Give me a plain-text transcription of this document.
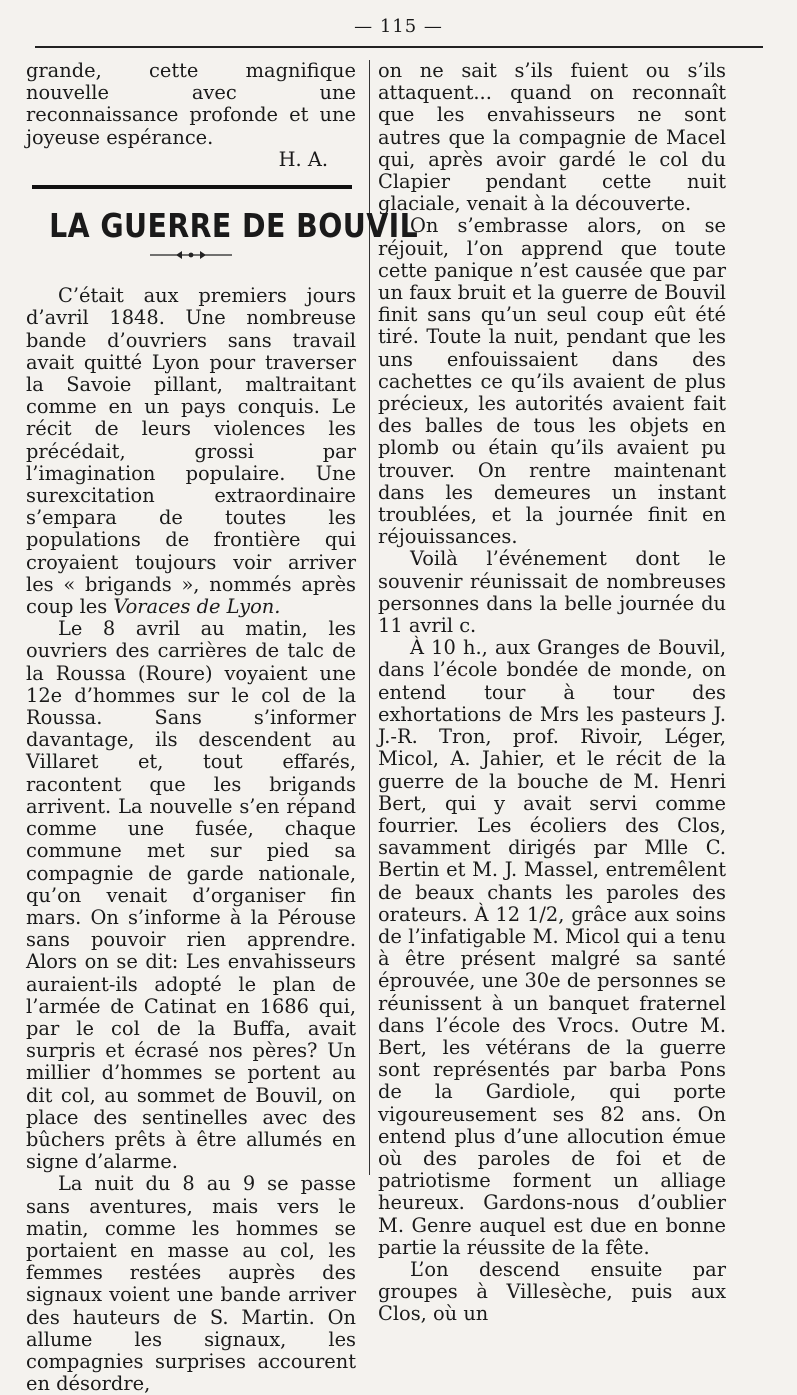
— 115 —

grande, cette magnifique nouvelle avec une reconnaissance profonde et une joyeuse espérance.

H. A.

LA GUERRE DE BOUVIL

C’était aux premiers jours d’avril 1848. Une nombreuse bande d’ouvriers sans travail avait quitté Lyon pour traverser la Savoie pillant, maltraitant comme en un pays conquis. Le récit de leurs violences les précédait, grossi par l’imagination populaire. Une surexcitation extraordinaire s’empara de toutes les populations de frontière qui croyaient toujours voir arriver les « brigands », nommés après coup les Voraces de Lyon.

Le 8 avril au matin, les ouvriers des carrières de talc de la Roussa (Roure) voyaient une 12e d’hommes sur le col de la Roussa. Sans s’informer davantage, ils descendent au Villaret et, tout effarés, racontent que les brigands arrivent. La nouvelle s’en répand comme une fusée, chaque commune met sur pied sa compagnie de garde nationale, qu’on venait d’organiser fin mars. On s’informe à la Pérouse sans pouvoir rien apprendre. Alors on se dit: Les envahisseurs auraient-ils adopté le plan de l’armée de Catinat en 1686 qui, par le col de la Buffa, avait surpris et écrasé nos pères? Un millier d’hommes se portent au dit col, au sommet de Bouvil, on place des sentinelles avec des bûchers prêts à être allumés en signe d’alarme.

La nuit du 8 au 9 se passe sans aventures, mais vers le matin, comme les hommes se portaient en masse au col, les femmes restées auprès des signaux voient une bande arriver des hauteurs de S. Martin. On allume les signaux, les compagnies surprises accourent en désordre,

on ne sait s’ils fuient ou s’ils attaquent... quand on reconnaît que les envahisseurs ne sont autres que la compagnie de Macel qui, après avoir gardé le col du Clapier pendant cette nuit glaciale, venait à la découverte.

On s’embrasse alors, on se réjouit, l’on apprend que toute cette panique n’est causée que par un faux bruit et la guerre de Bouvil finit sans qu’un seul coup eût été tiré. Toute la nuit, pendant que les uns enfouissaient dans des cachettes ce qu’ils avaient de plus précieux, les autorités avaient fait des balles de tous les objets en plomb ou étain qu’ils avaient pu trouver. On rentre maintenant dans les demeures un instant troublées, et la journée finit en réjouissances.

Voilà l’événement dont le souvenir réunissait de nombreuses personnes dans la belle journée du 11 avril c.

À 10 h., aux Granges de Bouvil, dans l’école bondée de monde, on entend tour à tour des exhortations de Mrs les pasteurs J. J.-R. Tron, prof. Rivoir, Léger, Micol, A. Jahier, et le récit de la guerre de la bouche de M. Henri Bert, qui y avait servi comme fourrier. Les écoliers des Clos, savamment dirigés par Mlle C. Bertin et M. J. Massel, entremêlent de beaux chants les paroles des orateurs. À 12 1/2, grâce aux soins de l’infatigable M. Micol qui a tenu à être présent malgré sa santé éprouvée, une 30e de personnes se réunissent à un banquet fraternel dans l’école des Vrocs. Outre M. Bert, les vétérans de la guerre sont représentés par barba Pons de la Gardiole, qui porte vigoureusement ses 82 ans. On entend plus d’une allocution émue où des paroles de foi et de patriotisme forment un alliage heureux. Gardons-nous d’oublier M. Genre auquel est due en bonne partie la réussite de la fête.

L’on descend ensuite par groupes à Villesèche, puis aux Clos, où un
